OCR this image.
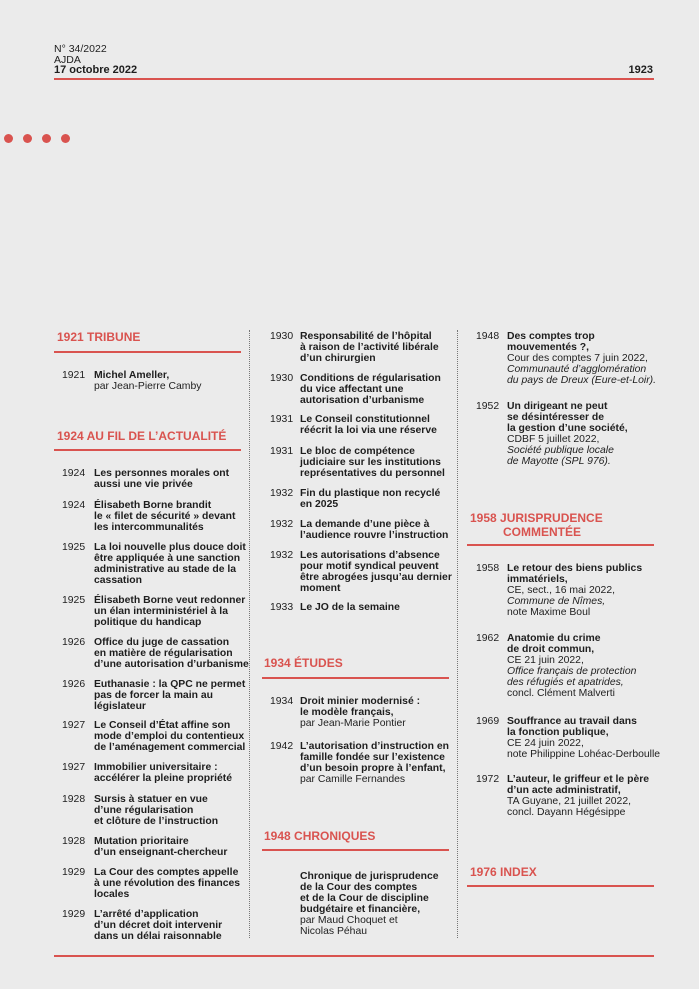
N° 34/2022
AJDA
17 octobre 2022	1923
1921 TRIBUNE
1921 Michel Ameller,
par Jean-Pierre Camby
1924 AU FIL DE L’ACTUALITÉ
1924 Les personnes morales ont
aussi une vie privée
1924 Élisabeth Borne brandit
le « filet de sécurité » devant
les intercommunalités
1925 La loi nouvelle plus douce doit
être appliquée à une sanction
administrative au stade de la
cassation
1925 Élisabeth Borne veut redonner
un élan interministériel à la
politique du handicap
1926 Office du juge de cassation
en matière de régularisation
d’une autorisation d’urbanisme
1926 Euthanasie : la QPC ne permet
pas de forcer la main au
législateur
1927 Le Conseil d’État affine son
mode d’emploi du contentieux
de l’aménagement commercial
1927 Immobilier universitaire :
accélérer la pleine propriété
1928 Sursis à statuer en vue
d’une régularisation
et clôture de l’instruction
1928 Mutation prioritaire
d’un enseignant-chercheur
1929 La Cour des comptes appelle
à une révolution des finances
locales
1929 L’arrêté d’application
d’un décret doit intervenir
dans un délai raisonnable
1930 Responsabilité de l’hôpital
à raison de l’activité libérale
d’un chirurgien
1930 Conditions de régularisation
du vice affectant une
autorisation d’urbanisme
1931 Le Conseil constitutionnel
réécrit la loi via une réserve
1931 Le bloc de compétence
judiciaire sur les institutions
représentatives du personnel
1932 Fin du plastique non recyclé
en 2025
1932 La demande d’une pièce à
l’audience rouvre l’instruction
1932 Les autorisations d’absence
pour motif syndical peuvent
être abrogées jusqu’au dernier
moment
1933 Le JO de la semaine
1934 ÉTUDES
1934 Droit minier modernisé :
le modèle français,
par Jean-Marie Pontier
1942 L’autorisation d’instruction en
famille fondée sur l’existence
d’un besoin propre à l’enfant,
par Camille Fernandes
1948 CHRONIQUES
Chronique de jurisprudence
de la Cour des comptes
et de la Cour de discipline
budgétaire et financière,
par Maud Choquet et
Nicolas Péhau
1948 Des comptes trop
mouvementés ?,
Cour des comptes 7 juin 2022,
Communauté d’agglomération
du pays de Dreux (Eure-et-Loir).
1952 Un dirigeant ne peut
se désintéresser de
la gestion d’une société,
CDBF 5 juillet 2022,
Société publique locale
de Mayotte (SPL 976).
1958 JURISPRUDENCE
COMMENTÉE
1958 Le retour des biens publics
immatériels,
CE, sect., 16 mai 2022,
Commune de Nîmes,
note Maxime Boul
1962 Anatomie du crime
de droit commun,
CE 21 juin 2022,
Office français de protection
des réfugiés et apatrides,
concl. Clément Malverti
1969 Souffrance au travail dans
la fonction publique,
CE 24 juin 2022,
note Philippine Lohéac-Derboulle
1972 L’auteur, le griffeur et le père
d’un acte administratif,
TA Guyane, 21 juillet 2022,
concl. Dayann Hégésippe
1976 INDEX
